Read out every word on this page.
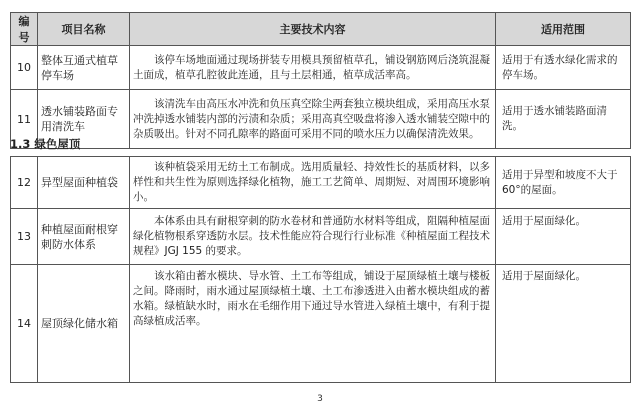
编号	项目名称	主要技术内容	适用范围
10	整体互通式植草停车场	该停车场地面通过现场拼装专用模具预留植草孔，铺设钢筋网后浇筑混凝土面成，植草孔腔彼此连通，且与土层相通，植草成活率高。	适用于有透水绿化需求的停车场。
11	透水铺装路面专用清洗车	该清洗车由高压水冲洗和负压真空除尘两套独立模块组成，采用高压水泵冲洗掉透水铺装内部的污渍和杂质；采用高真空吸盘将渗入透水铺装空隙中的杂质吸出。针对不同孔隙率的路面可采用不同的喷水压力以确保清洗效果。	适用于透水铺装路面清洗。
1.3 绿色屋顶
12	异型屋面种植袋	该种植袋采用无纺土工布制成。选用质量轻、持效性长的基质材料，以多样性和共生性为原则选择绿化植物，施工工艺简单、周期短、对周围环境影响小。	适用于异型和坡度不大于60°的屋面。
13	种植屋面耐根穿刺防水体系	本体系由具有耐根穿刺的防水卷材和普通防水材料等组成，阻隔种植屋面绿化植物根系穿透防水层。技术性能应符合现行行业标准《种植屋面工程技术规程》JGJ 155 的要求。	适用于屋面绿化。
14	屋顶绿化储水箱	该水箱由蓄水模块、导水管、土工布等组成，铺设于屋顶绿植土壤与楼板之间。降雨时，雨水通过屋顶绿植土壤、土工布渗透进入由蓄水模块组成的蓄水箱。绿植缺水时，雨水在毛细作用下通过导水管进入绿植土壤中，有利于提高绿植成活率。	适用于屋面绿化。
3
